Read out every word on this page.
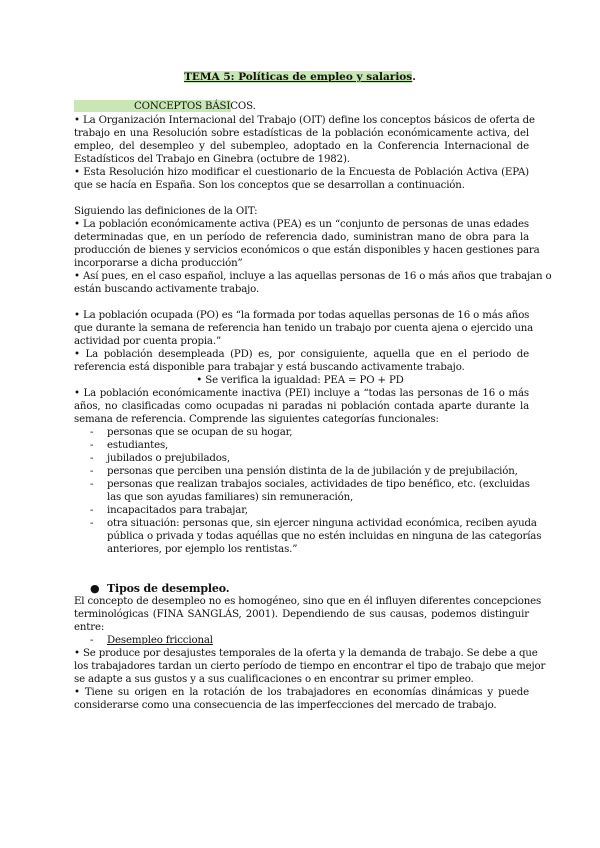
TEMA 5: Políticas de empleo y salarios.
CONCEPTOS BÁSICOS.
• La Organización Internacional del Trabajo (OIT) define los conceptos básicos de oferta de
trabajo en una Resolución sobre estadísticas de la población económicamente activa, del
empleo, del desempleo y del subempleo, adoptado en la Conferencia Internacional de
Estadísticos del Trabajo en Ginebra (octubre de 1982).
• Esta Resolución hizo modificar el cuestionario de la Encuesta de Población Activa (EPA)
que se hacía en España. Son los conceptos que se desarrollan a continuación.
Siguiendo las definiciones de la OIT:
• La población económicamente activa (PEA) es un “conjunto de personas de unas edades
determinadas que, en un período de referencia dado, suministran mano de obra para la
producción de bienes y servicios económicos o que están disponibles y hacen gestiones para
incorporarse a dicha producción”
• Así pues, en el caso español, incluye a las aquellas personas de 16 o más años que trabajan o
están buscando activamente trabajo.
• La población ocupada (PO) es “la formada por todas aquellas personas de 16 o más años
que durante la semana de referencia han tenido un trabajo por cuenta ajena o ejercido una
actividad por cuenta propia.”
• La población desempleada (PD) es, por consiguiente, aquella que en el periodo de
referencia está disponible para trabajar y está buscando activamente trabajo.
• Se verifica la igualdad: PEA = PO + PD
• La población económicamente inactiva (PEI) incluye a “todas las personas de 16 o más
años, no clasificadas como ocupadas ni paradas ni población contada aparte durante la
semana de referencia. Comprende las siguientes categorías funcionales:
-	personas que se ocupan de su hogar,
-	estudiantes,
-	jubilados o prejubilados,
-	personas que perciben una pensión distinta de la de jubilación y de prejubilación,
-	personas que realizan trabajos sociales, actividades de tipo benéfico, etc. (excluidas
las que son ayudas familiares) sin remuneración,
-	incapacitados para trabajar,
-	otra situación: personas que, sin ejercer ninguna actividad económica, reciben ayuda
pública o privada y todas aquéllas que no estén incluidas en ninguna de las categorías
anteriores, por ejemplo los rentistas.”
● Tipos de desempleo.
El concepto de desempleo no es homogéneo, sino que en él influyen diferentes concepciones
terminológicas (FINA SANGLÁS, 2001). Dependiendo de sus causas, podemos distinguir
entre:
-	Desempleo friccional
• Se produce por desajustes temporales de la oferta y la demanda de trabajo. Se debe a que
los trabajadores tardan un cierto período de tiempo en encontrar el tipo de trabajo que mejor
se adapte a sus gustos y a sus cualificaciones o en encontrar su primer empleo.
• Tiene su origen en la rotación de los trabajadores en economías dinámicas y puede
considerarse como una consecuencia de las imperfecciones del mercado de trabajo.
